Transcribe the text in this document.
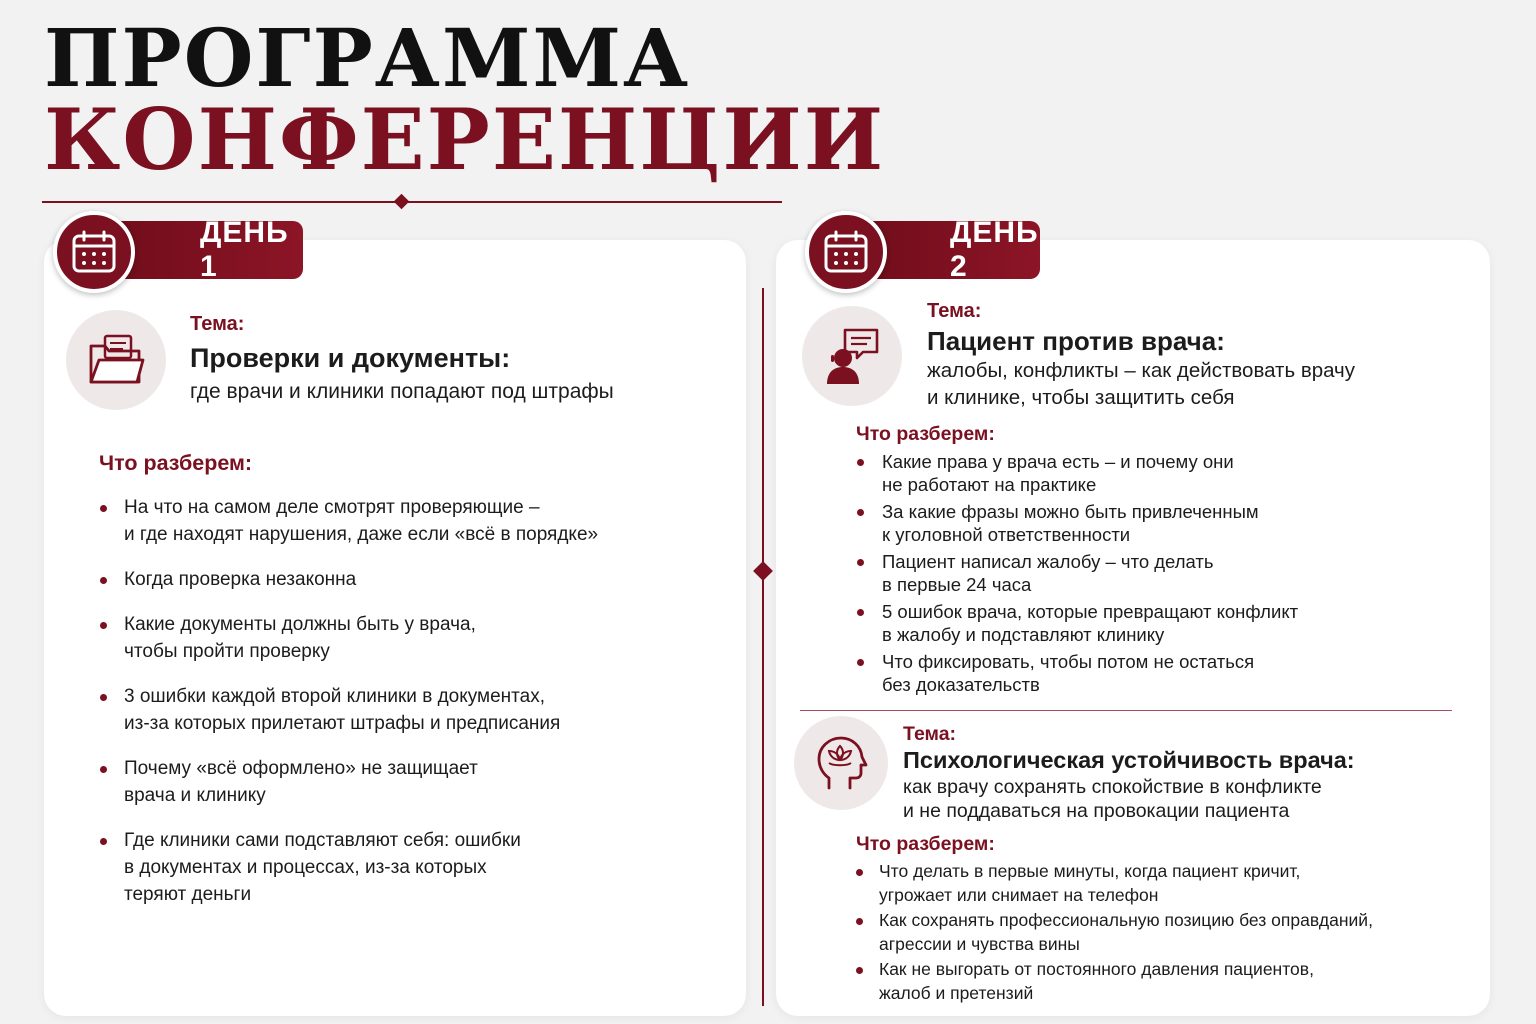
ПРОГРАММА
КОНФЕРЕНЦИИ
ДЕНЬ 1
Тема:
Проверки и документы:
где врачи и клиники попадают под штрафы
Что разберем:
На что на самом деле смотрят проверяющие –
и где находят нарушения, даже если «всё в порядке»
Когда проверка незаконна
Какие документы должны быть у врача,
чтобы пройти проверку
3 ошибки каждой второй клиники в документах,
из-за которых прилетают штрафы и предписания
Почему «всё оформлено» не защищает
врача и клинику
Где клиники сами подставляют себя: ошибки
в документах и процессах, из-за которых
теряют деньги
ДЕНЬ 2
Тема:
Пациент против врача:
жалобы, конфликты – как действовать врачу
и клинике, чтобы защитить себя
Что разберем:
Какие права у врача есть – и почему они
не работают на практике
За какие фразы можно быть привлеченным
к уголовной ответственности
Пациент написал жалобу – что делать
в первые 24 часа
5 ошибок врача, которые превращают конфликт
в жалобу и подставляют клинику
Что фиксировать, чтобы потом не остаться
без доказательств
Тема:
Психологическая устойчивость врача:
как врачу сохранять спокойствие в конфликте
и не поддаваться на провокации пациента
Что разберем:
Что делать в первые минуты, когда пациент кричит,
угрожает или снимает на телефон
Как сохранять профессиональную позицию без оправданий,
агрессии и чувства вины
Как не выгорать от постоянного давления пациентов,
жалоб и претензий
